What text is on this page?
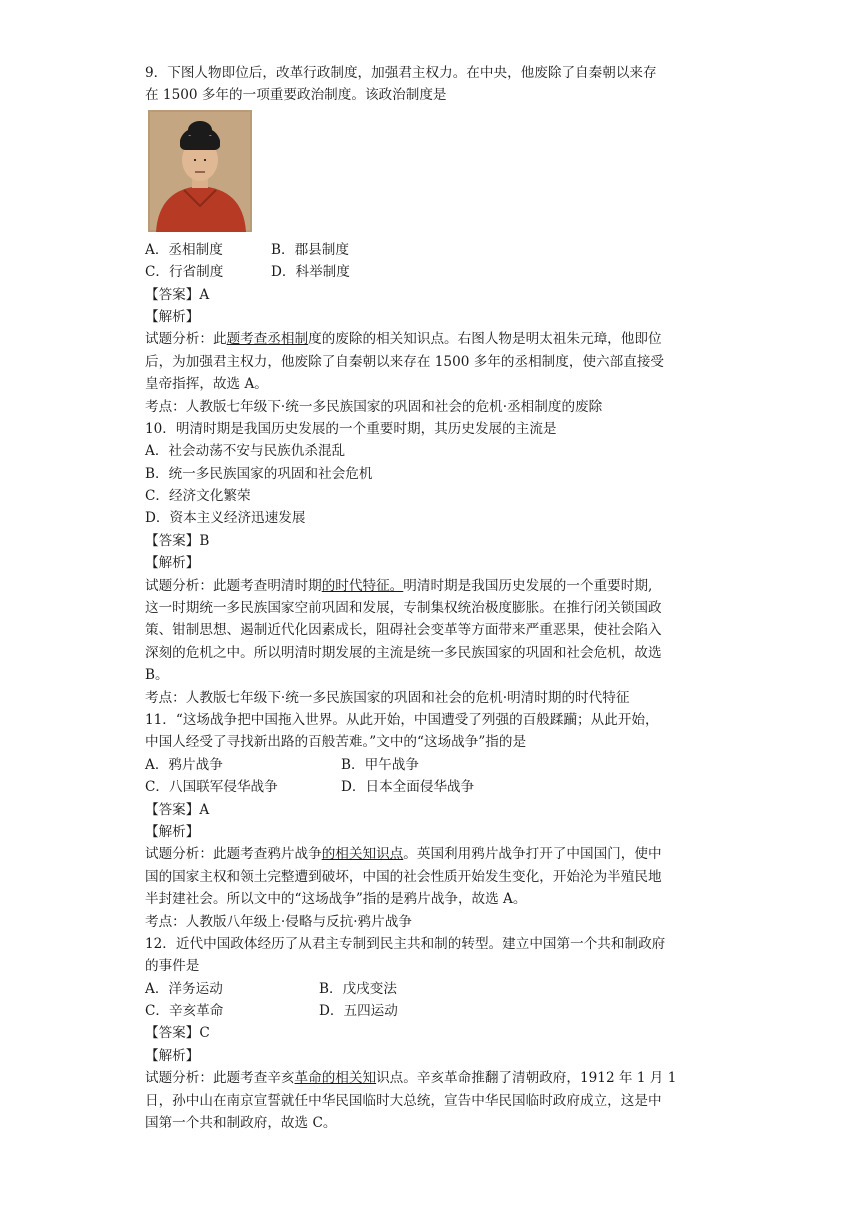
9．下图人物即位后，改革行政制度，加强君主权力。在中央，他废除了自秦朝以来存
在 1500 多年的一项重要政治制度。该政治制度是
A．丞相制度	B．郡县制度
C．行省制度	D．科举制度
【答案】A
【解析】
试题分析：此题考查丞相制度的废除的相关知识点。右图人物是明太祖朱元璋，他即位
后，为加强君主权力，他废除了自秦朝以来存在 1500 多年的丞相制度，使六部直接受
皇帝指挥，故选 A。
考点：人教版七年级下·统一多民族国家的巩固和社会的危机·丞相制度的废除
10．明清时期是我国历史发展的一个重要时期，其历史发展的主流是
A．社会动荡不安与民族仇杀混乱
B．统一多民族国家的巩固和社会危机
C．经济文化繁荣
D．资本主义经济迅速发展
【答案】B
【解析】
试题分析：此题考查明清时期的时代特征。明清时期是我国历史发展的一个重要时期,
这一时期统一多民族国家空前巩固和发展，专制集权统治极度膨胀。在推行闭关锁国政
策、钳制思想、遏制近代化因素成长，阻碍社会变革等方面带来严重恶果，使社会陷入
深刻的危机之中。所以明清时期发展的主流是统一多民族国家的巩固和社会危机，故选
B。
考点：人教版七年级下·统一多民族国家的巩固和社会的危机·明清时期的时代特征
11．“这场战争把中国拖入世界。从此开始，中国遭受了列强的百般蹂躏；从此开始，
中国人经受了寻找新出路的百般苦难。”文中的“这场战争”指的是
A．鸦片战争	B．甲午战争
C．八国联军侵华战争	D．日本全面侵华战争
【答案】A
【解析】
试题分析：此题考查鸦片战争的相关知识点。英国利用鸦片战争打开了中国国门，使中
国的国家主权和领土完整遭到破坏，中国的社会性质开始发生变化，开始沦为半殖民地
半封建社会。所以文中的“这场战争”指的是鸦片战争，故选 A。
考点：人教版八年级上·侵略与反抗·鸦片战争
12．近代中国政体经历了从君主专制到民主共和制的转型。建立中国第一个共和制政府
的事件是
A．洋务运动	B．戊戌变法
C．辛亥革命	D．五四运动
【答案】C
【解析】
试题分析：此题考查辛亥革命的相关知识点。辛亥革命推翻了清朝政府，1912 年 1 月 1
日，孙中山在南京宣誓就任中华民国临时大总统，宣告中华民国临时政府成立，这是中
国第一个共和制政府，故选 C。
